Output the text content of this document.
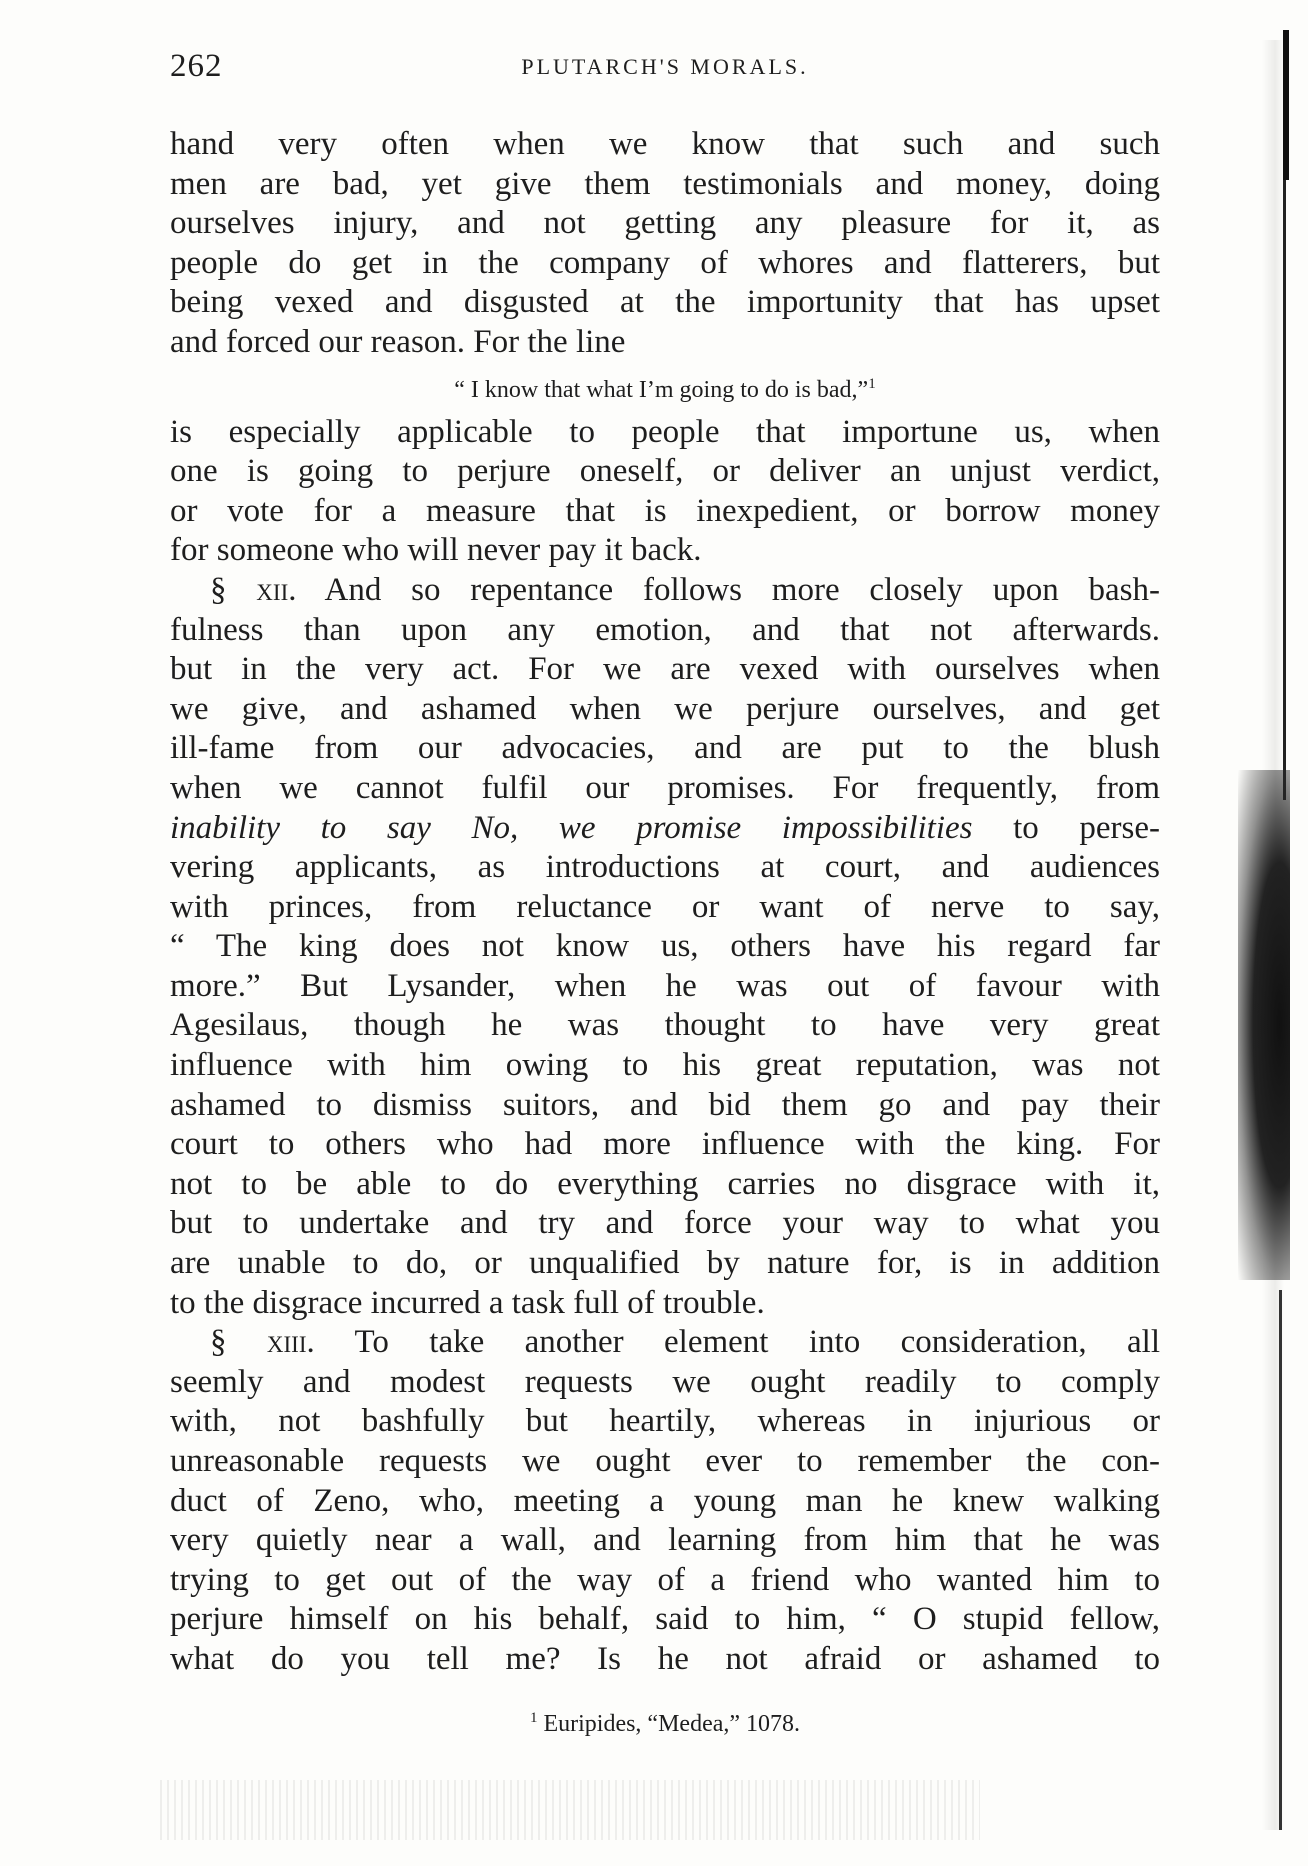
262	PLUTARCH'S MORALS.
hand very often when we know that such and such
men are bad, yet give them testimonials and money, doing
ourselves injury, and not getting any pleasure for it, as
people do get in the company of whores and flatterers, but
being vexed and disgusted at the importunity that has upset
and forced our reason. For the line
“ I know that what I’m going to do is bad,”$^1$
is especially applicable to people that importune us, when
one is going to perjure oneself, or deliver an unjust verdict,
or vote for a measure that is inexpedient, or borrow money
for someone who will never pay it back.
§ xii. And so repentance follows more closely upon bash-
fulness than upon any emotion, and that not afterwards.
but in the very act. For we are vexed with ourselves when
we give, and ashamed when we perjure ourselves, and get
ill-fame from our advocacies, and are put to the blush
when we cannot fulfil our promises. For frequently, from
inability to say No, we promise impossibilities to perse-
vering applicants, as introductions at court, and audiences
with princes, from reluctance or want of nerve to say,
“ The king does not know us, others have his regard far
more.” But Lysander, when he was out of favour with
Agesilaus, though he was thought to have very great
influence with him owing to his great reputation, was not
ashamed to dismiss suitors, and bid them go and pay their
court to others who had more influence with the king. For
not to be able to do everything carries no disgrace with it,
but to undertake and try and force your way to what you
are unable to do, or unqualified by nature for, is in addition
to the disgrace incurred a task full of trouble.
§ xiii. To take another element into consideration, all
seemly and modest requests we ought readily to comply
with, not bashfully but heartily, whereas in injurious or
unreasonable requests we ought ever to remember the con-
duct of Zeno, who, meeting a young man he knew walking
very quietly near a wall, and learning from him that he was
trying to get out of the way of a friend who wanted him to
perjure himself on his behalf, said to him, “ O stupid fellow,
what do you tell me? Is he not afraid or ashamed to
$^1$ Euripides, “Medea,” 1078.
